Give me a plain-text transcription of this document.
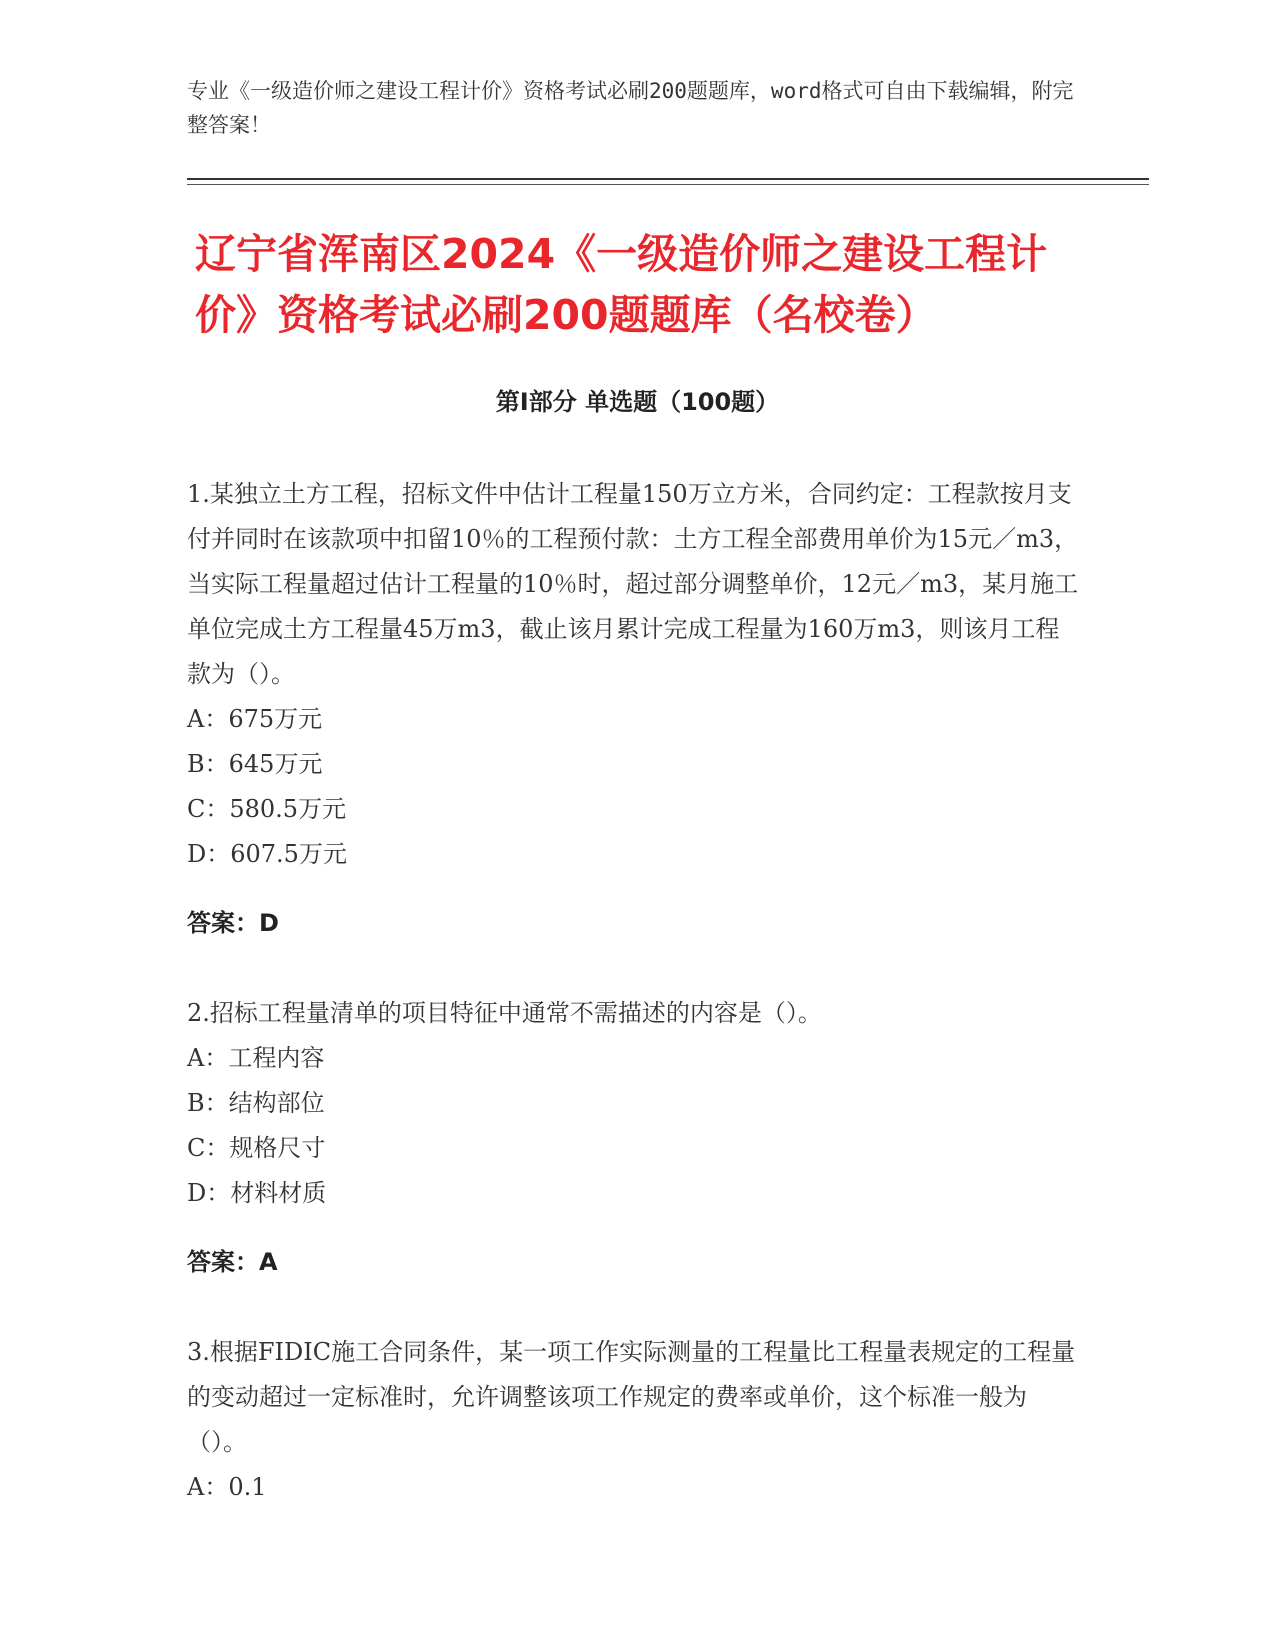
专业《一级造价师之建设工程计价》资格考试必刷200题题库，word格式可自由下载编辑，附完整答案！
辽宁省浑南区2024《一级造价师之建设工程计价》资格考试必刷200题题库（名校卷）
第I部分 单选题（100题）

1.某独立土方工程，招标文件中估计工程量150万立方米，合同约定：工程款按月支付并同时在该款项中扣留10％的工程预付款：土方工程全部费用单价为15元／m3，当实际工程量超过估计工程量的10％时，超过部分调整单价，12元／m3，某月施工单位完成土方工程量45万m3，截止该月累计完成工程量为160万m3，则该月工程款为（）。

A：675万元

B：645万元

C：580.5万元

D：607.5万元

答案：D

2.招标工程量清单的项目特征中通常不需描述的内容是（）。

A：工程内容

B：结构部位

C：规格尺寸

D：材料材质

答案：A

3.根据FIDIC施工合同条件，某一项工作实际测量的工程量比工程量表规定的工程量的变动超过一定标准时，允许调整该项工作规定的费率或单价，这个标准一般为（）。

A：0.1
